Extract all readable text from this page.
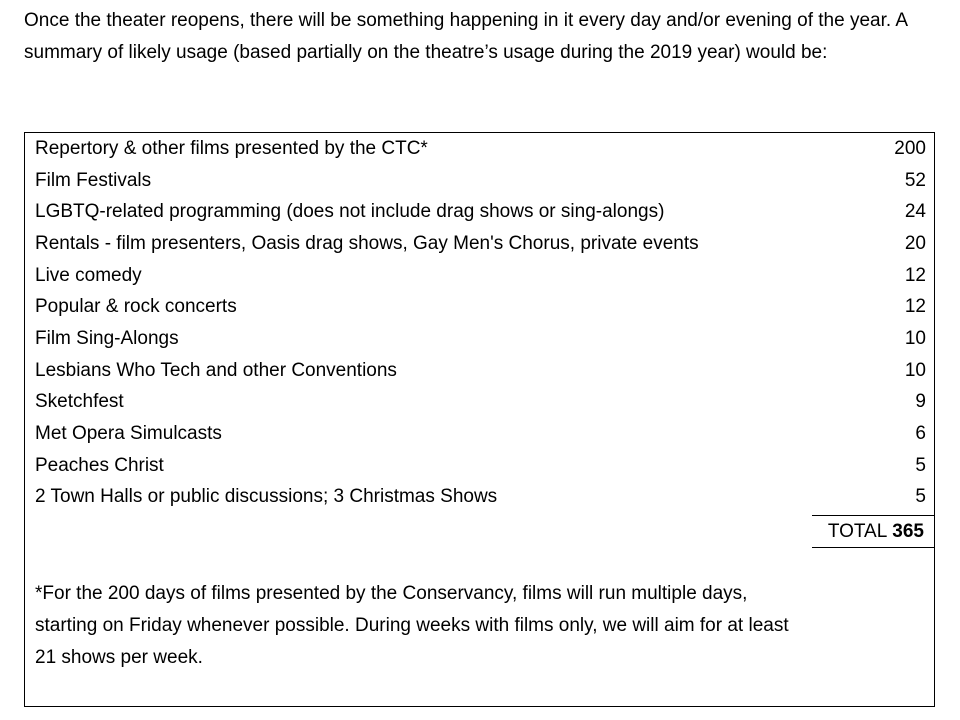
Once the theater reopens, there will be something happening in it every day and/or evening of the year. A summary of likely usage (based partially on the theatre’s usage during the 2019 year) would be:

Repertory & other films presented by the CTC*	200
Film Festivals	52
LGBTQ-related programming (does not include drag shows or sing-alongs)	24
Rentals - film presenters, Oasis drag shows, Gay Men's Chorus, private events	20
Live comedy	12
Popular & rock concerts	12
Film Sing-Alongs	10
Lesbians Who Tech and other Conventions	10
Sketchfest	9
Met Opera Simulcasts	6
Peaches Christ	5
2 Town Halls or public discussions; 3 Christmas Shows	5
TOTAL 365

*For the 200 days of films presented by the Conservancy, films will run multiple days, starting on Friday whenever possible. During weeks with films only, we will aim for at least 21 shows per week.
